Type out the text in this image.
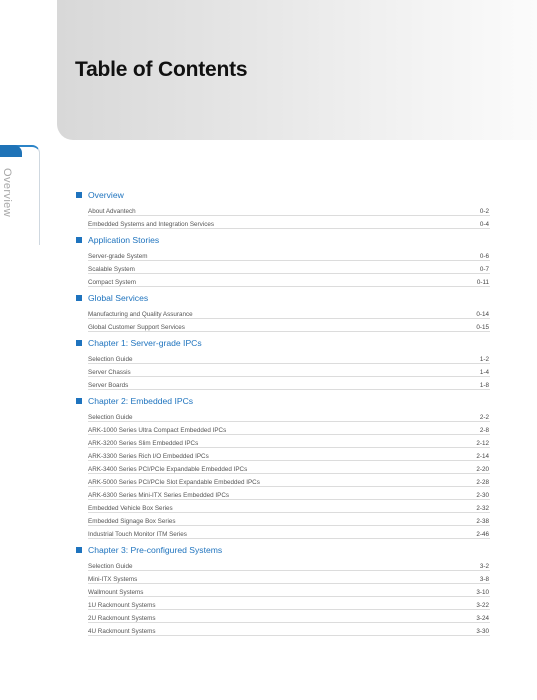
Table of Contents
Overview	Overview
About Advantech	0-2
Embedded Systems and Integration Services	0-4
Application Stories
Server-grade System	0-6
Scalable System	0-7
Compact System	0-11
Global Services
Manufacturing and Quality Assurance	0-14
Global Customer Support Services	0-15
Chapter 1: Server-grade IPCs
Selection Guide	1-2
Server Chassis	1-4
Server Boards	1-8
Chapter 2: Embedded IPCs
Selection Guide	2-2
ARK-1000 Series Ultra Compact Embedded IPCs	2-8
ARK-3200 Series Slim Embedded IPCs	2-12
ARK-3300 Series Rich I/O Embedded IPCs	2-14
ARK-3400 Series PCI/PCIe Expandable Embedded IPCs	2-20
ARK-5000 Series PCI/PCIe Slot Expandable Embedded IPCs	2-28
ARK-6300 Series Mini-ITX Series Embedded IPCs	2-30
Embedded Vehicle Box Series	2-32
Embedded Signage Box Series	2-38
Industrial Touch Monitor ITM Series	2-46
Chapter 3: Pre-configured Systems
Selection Guide	3-2
Mini-ITX Systems	3-8
Wallmount Systems	3-10
1U Rackmount Systems	3-22
2U Rackmount Systems	3-24
4U Rackmount Systems	3-30
